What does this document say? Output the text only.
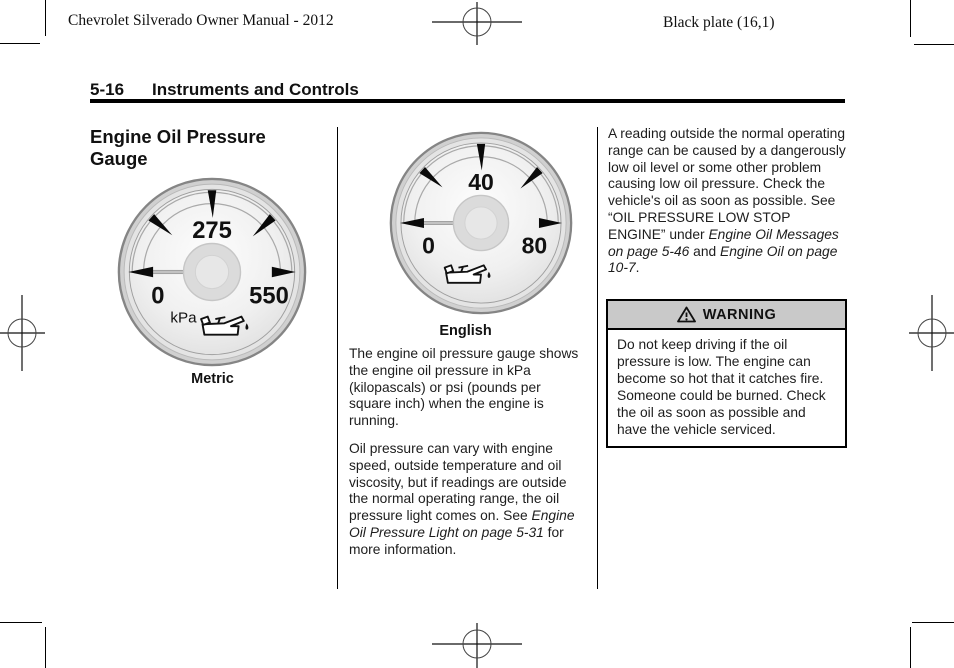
Chevrolet Silverado Owner Manual - 2012	Black plate (16,1)
5-16 Instruments and Controls
Engine Oil Pressure Gauge
275
0	550
kPa
Metric
40
0	80
English

The engine oil pressure gauge shows the engine oil pressure in kPa (kilopascals) or psi (pounds per square inch) when the engine is running.

Oil pressure can vary with engine speed, outside temperature and oil viscosity, but if readings are outside the normal operating range, the oil pressure light comes on. See Engine Oil Pressure Light on page 5-31 for more information.

A reading outside the normal operating range can be caused by a dangerously low oil level or some other problem causing low oil pressure. Check the vehicle's oil as soon as possible. See “OIL PRESSURE LOW STOP ENGINE” under Engine Oil Messages on page 5-46 and Engine Oil on page 10-7.

WARNING
Do not keep driving if the oil pressure is low. The engine can become so hot that it catches fire. Someone could be burned. Check the oil as soon as possible and have the vehicle serviced.
